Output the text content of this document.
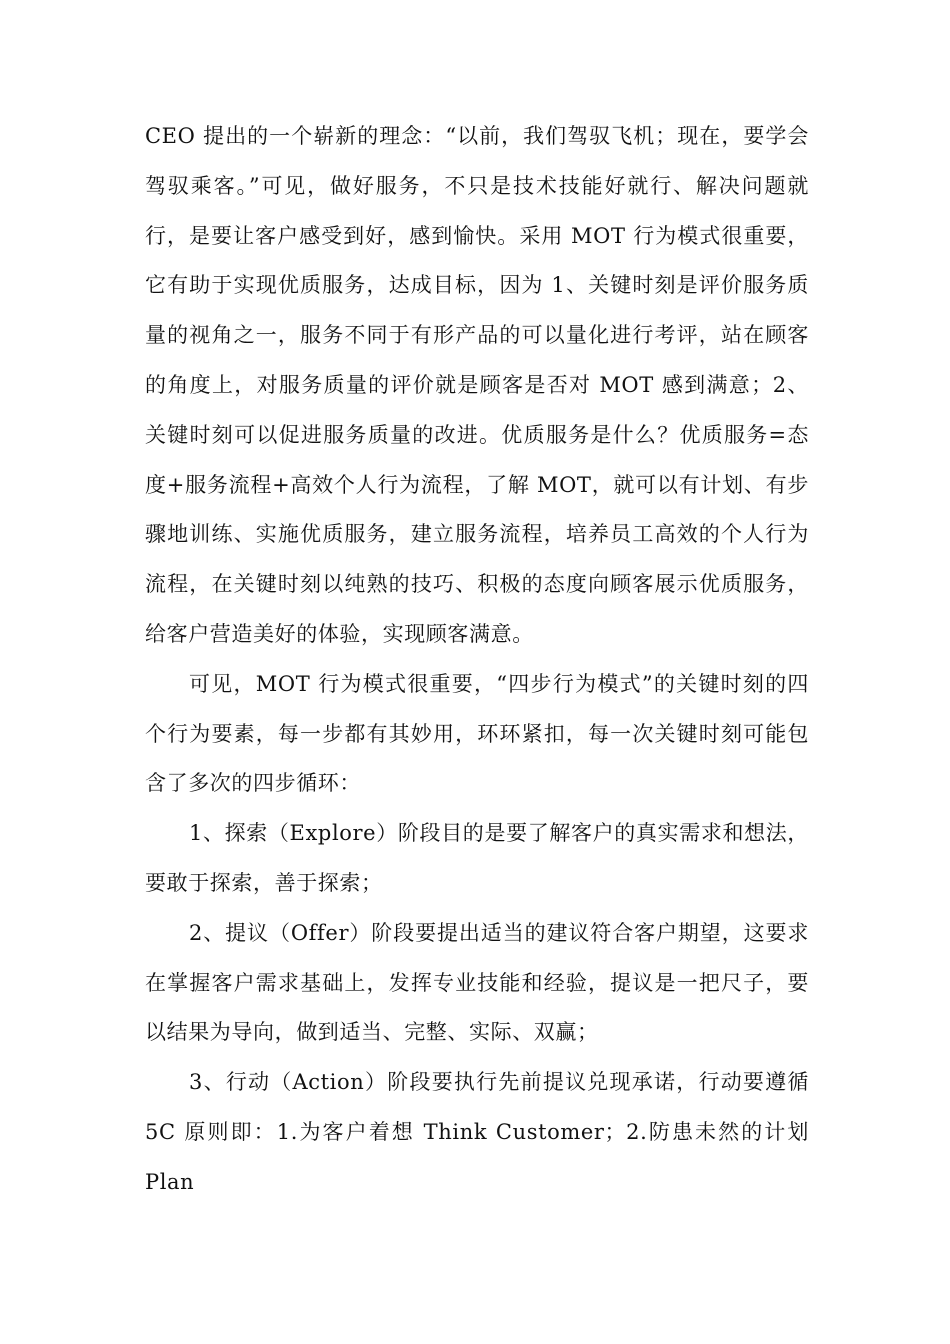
CEO 提出的一个崭新的理念：“以前，我们驾驭飞机；现在，要学会驾驭乘客。”可见，做好服务，不只是技术技能好就行、解决问题就行，是要让客户感受到好，感到愉快。采用 MOT 行为模式很重要，它有助于实现优质服务，达成目标，因为 1、关键时刻是评价服务质量的视角之一，服务不同于有形产品的可以量化进行考评，站在顾客的角度上，对服务质量的评价就是顾客是否对 MOT 感到满意；2、关键时刻可以促进服务质量的改进。优质服务是什么？优质服务=态度+服务流程+高效个人行为流程，了解 MOT，就可以有计划、有步骤地训练、实施优质服务，建立服务流程，培养员工高效的个人行为流程，在关键时刻以纯熟的技巧、积极的态度向顾客展示优质服务，给客户营造美好的体验，实现顾客满意。

可见，MOT 行为模式很重要，“四步行为模式”的关键时刻的四个行为要素，每一步都有其妙用，环环紧扣，每一次关键时刻可能包含了多次的四步循环：

1、探索（Explore）阶段目的是要了解客户的真实需求和想法，要敢于探索，善于探索；

2、提议（Offer）阶段要提出适当的建议符合客户期望，这要求在掌握客户需求基础上，发挥专业技能和经验，提议是一把尺子，要以结果为导向，做到适当、完整、实际、双赢；

3、行动（Action）阶段要执行先前提议兑现承诺，行动要遵循 5C 原则即：1.为客户着想 Think Customer；2.防患未然的计划 Plan
